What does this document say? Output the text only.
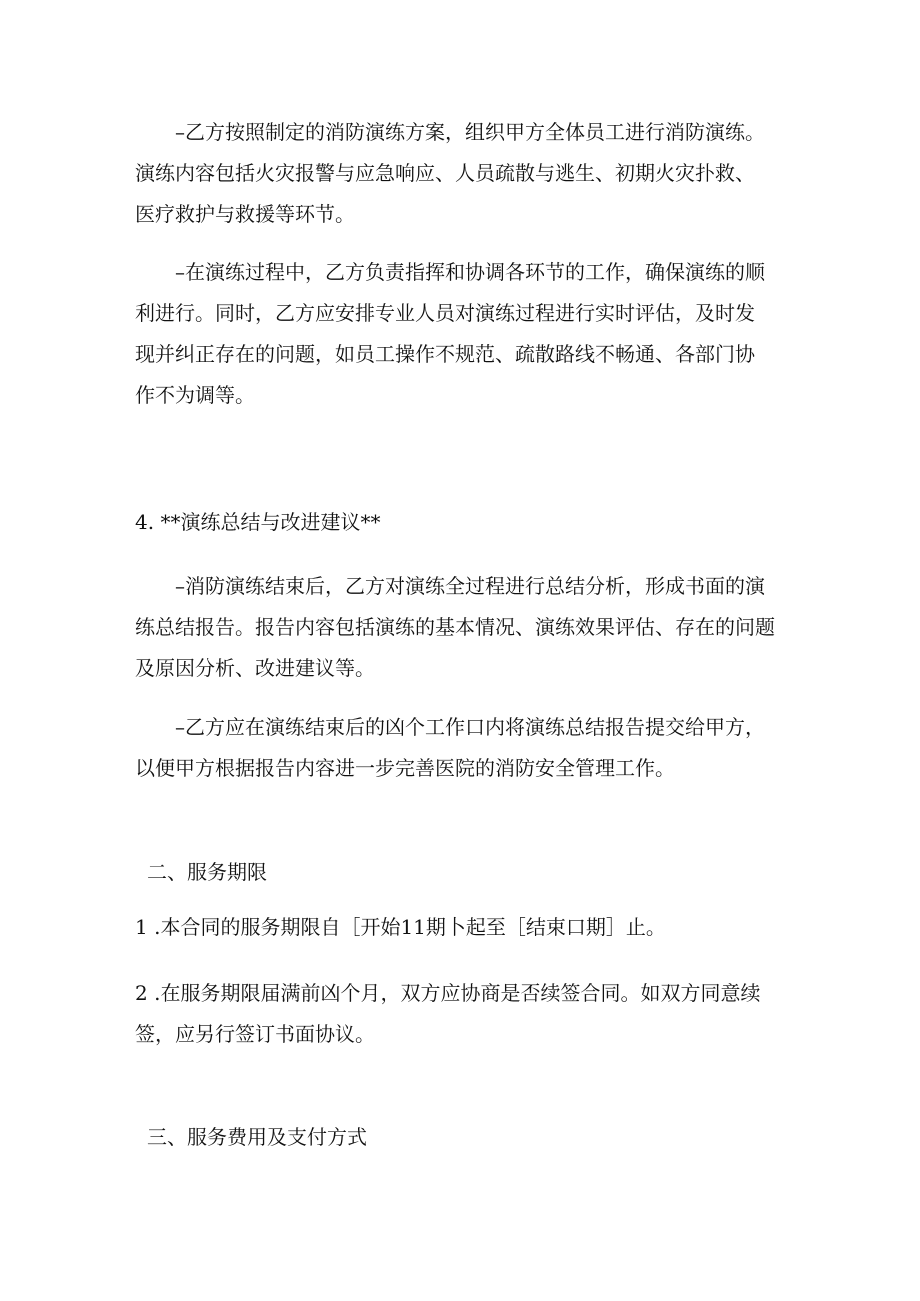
–乙方按照制定的消防演练方案，组织甲方全体员工进行消防演练。
演练内容包括火灾报警与应急响应、人员疏散与逃生、初期火灾扑救、
医疗救护与救援等环节。
–在演练过程中，乙方负责指挥和协调各环节的工作，确保演练的顺
利进行。同时，乙方应安排专业人员对演练过程进行实时评估，及时发
现并纠正存在的问题，如员工操作不规范、疏散路线不畅通、各部门协
作不为调等。
4. **演练总结与改进建议**
–消防演练结束后，乙方对演练全过程进行总结分析，形成书面的演
练总结报告。报告内容包括演练的基本情况、演练效果评估、存在的问题
及原因分析、改进建议等。
–乙方应在演练结束后的凶个工作口内将演练总结报告提交给甲方，
以便甲方根据报告内容进一步完善医院的消防安全管理工作。
二、服务期限
1 .本合同的服务期限自［开始11期卜起至［结束口期］止。
2 .在服务期限届满前凶个月，双方应协商是否续签合同。如双方同意续
签，应另行签订书面协议。
三、服务费用及支付方式
